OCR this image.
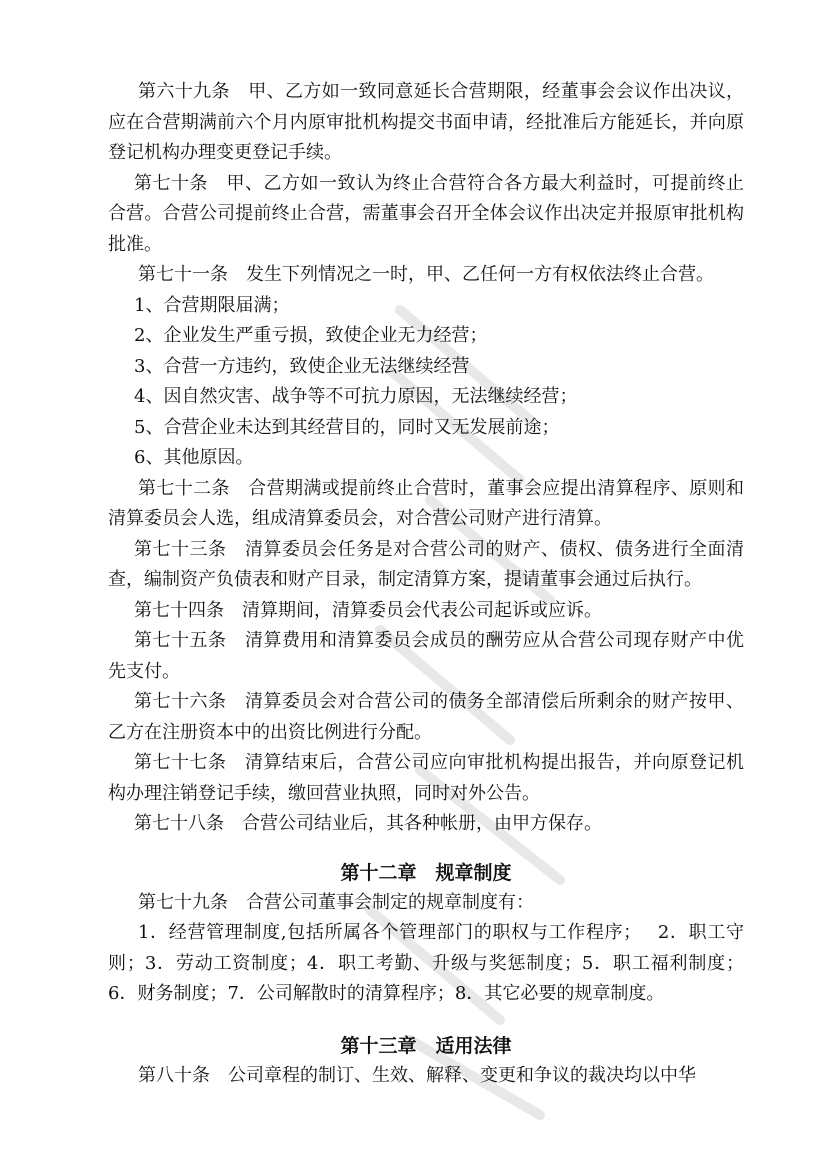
第六十九条　甲、乙方如一致同意延长合营期限，经董事会会议作出决议，应在合营期满前六个月内原审批机构提交书面申请，经批准后方能延长，并向原登记机构办理变更登记手续。

第七十条　甲、乙方如一致认为终止合营符合各方最大利益时，可提前终止合营。合营公司提前终止合营，需董事会召开全体会议作出决定并报原审批机构批准。

第七十一条　发生下列情况之一时，甲、乙任何一方有权依法终止合营。

1、合营期限届满；

2、企业发生严重亏损，致使企业无力经营；

3、合营一方违约，致使企业无法继续经营

4、因自然灾害、战争等不可抗力原因，无法继续经营；

5、合营企业未达到其经营目的，同时又无发展前途；

6、其他原因。

第七十二条　合营期满或提前终止合营时，董事会应提出清算程序、原则和清算委员会人选，组成清算委员会，对合营公司财产进行清算。

第七十三条　清算委员会任务是对合营公司的财产、债权、债务进行全面清查，编制资产负债表和财产目录，制定清算方案，提请董事会通过后执行。

第七十四条　清算期间，清算委员会代表公司起诉或应诉。

第七十五条　清算费用和清算委员会成员的酬劳应从合营公司现存财产中优先支付。

第七十六条　清算委员会对合营公司的债务全部清偿后所剩余的财产按甲、乙方在注册资本中的出资比例进行分配。

第七十七条　清算结束后，合营公司应向审批机构提出报告，并向原登记机构办理注销登记手续，缴回营业执照，同时对外公告。

第七十八条　合营公司结业后，其各种帐册，由甲方保存。

第十二章　规章制度

第七十九条　合营公司董事会制定的规章制度有：

1．经营管理制度,包括所属各个管理部门的职权与工作程序；　 2．职工守则；3．劳动工资制度；4．职工考勤、升级与奖惩制度；5．职工福利制度；6．财务制度；7．公司解散时的清算程序；8．其它必要的规章制度。

第十三章　适用法律

第八十条　公司章程的制订、生效、解释、变更和争议的裁决均以中华
